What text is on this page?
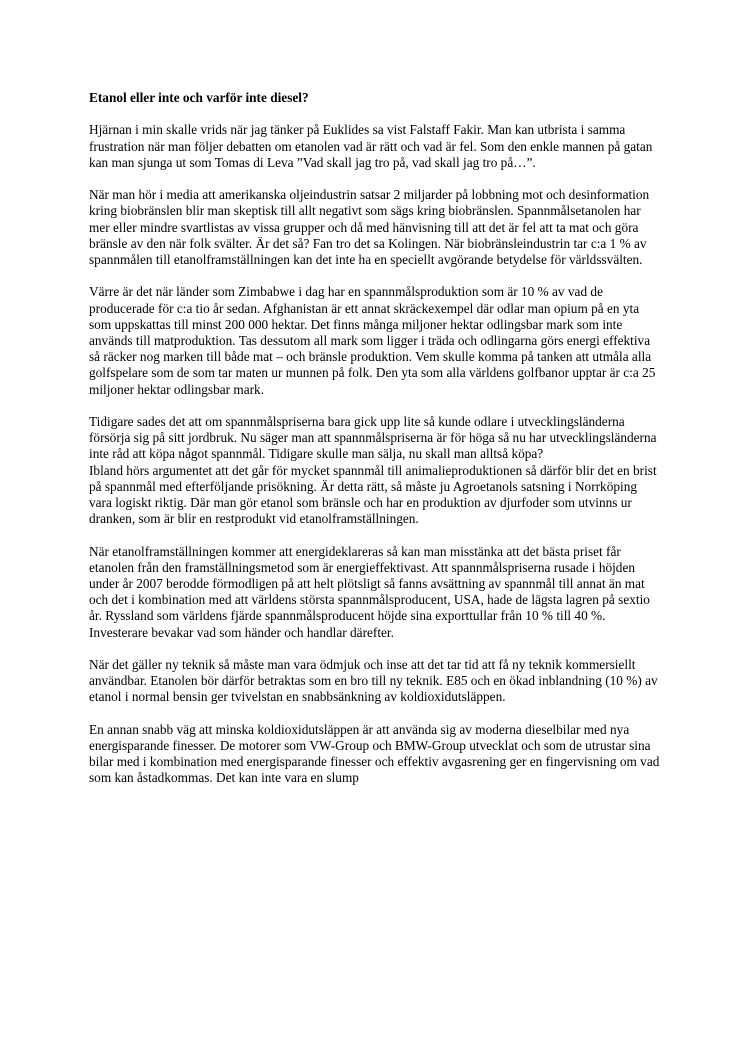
Etanol eller inte och varför inte diesel?

Hjärnan i min skalle vrids när jag tänker på Euklides sa vist Falstaff Fakir. Man kan utbrista i samma frustration när man följer debatten om etanolen vad är rätt och vad är fel. Som den enkle mannen på gatan kan man sjunga ut som Tomas di Leva ”Vad skall jag tro på, vad skall jag tro på…”.

När man hör i media att amerikanska oljeindustrin satsar 2 miljarder på lobbning mot och desinformation kring biobränslen blir man skeptisk till allt negativt som sägs kring biobränslen. Spannmålsetanolen har mer eller mindre svartlistas av vissa grupper och då med hänvisning till att det är fel att ta mat och göra bränsle av den när folk svälter. Är det så? Fan tro det sa Kolingen. När biobränsleindustrin tar c:a 1 % av spannmålen till etanolframställningen kan det inte ha en speciellt avgörande betydelse för världssvälten.

Värre är det när länder som Zimbabwe i dag har en spannmålsproduktion som är 10 % av vad de producerade för c:a tio år sedan. Afghanistan är ett annat skräckexempel där odlar man opium på en yta som uppskattas till minst 200 000 hektar. Det finns många miljoner hektar odlingsbar mark som inte används till matproduktion. Tas dessutom all mark som ligger i träda och odlingarna görs energi effektiva så räcker nog marken till både mat – och bränsle produktion. Vem skulle komma på tanken att utmåla alla golfspelare som de som tar maten ur munnen på folk. Den yta som alla världens golfbanor upptar är c:a 25 miljoner hektar odlingsbar mark.

Tidigare sades det att om spannmålspriserna bara gick upp lite så kunde odlare i utvecklingsländerna försörja sig på sitt jordbruk. Nu säger man att spannmålspriserna är för höga så nu har utvecklingsländerna inte råd att köpa något spannmål. Tidigare skulle man sälja, nu skall man alltså köpa?

Ibland hörs argumentet att det går för mycket spannmål till animalieproduktionen så därför blir det en brist på spannmål med efterföljande prisökning. Är detta rätt, så måste ju Agroetanols satsning i Norrköping vara logiskt riktig. Där man gör etanol som bränsle och har en produktion av djurfoder som utvinns ur dranken, som är blir en restprodukt vid etanolframställningen.

När etanolframställningen kommer att energideklareras så kan man misstänka att det bästa priset får etanolen från den framställningsmetod som är energieffektivast. Att spannmålspriserna rusade i höjden under år 2007 berodde förmodligen på att helt plötsligt så fanns avsättning av spannmål till annat än mat och det i kombination med att världens största spannmålsproducent, USA, hade de lägsta lagren på sextio år. Ryssland som världens fjärde spannmålsproducent höjde sina exporttullar från 10 % till 40 %. Investerare bevakar vad som händer och handlar därefter.

När det gäller ny teknik så måste man vara ödmjuk och inse att det tar tid att få ny teknik kommersiellt användbar. Etanolen bör därför betraktas som en bro till ny teknik. E85 och en ökad inblandning (10 %) av etanol i normal bensin ger tvivelstan en snabbsänkning av koldioxidutsläppen.

En annan snabb väg att minska koldioxidutsläppen är att använda sig av moderna dieselbilar med nya energisparande finesser. De motorer som VW-Group och BMW-Group utvecklat och som de utrustar sina bilar med i kombination med energisparande finesser och effektiv avgasrening ger en fingervisning om vad som kan åstadkommas. Det kan inte vara en slump
